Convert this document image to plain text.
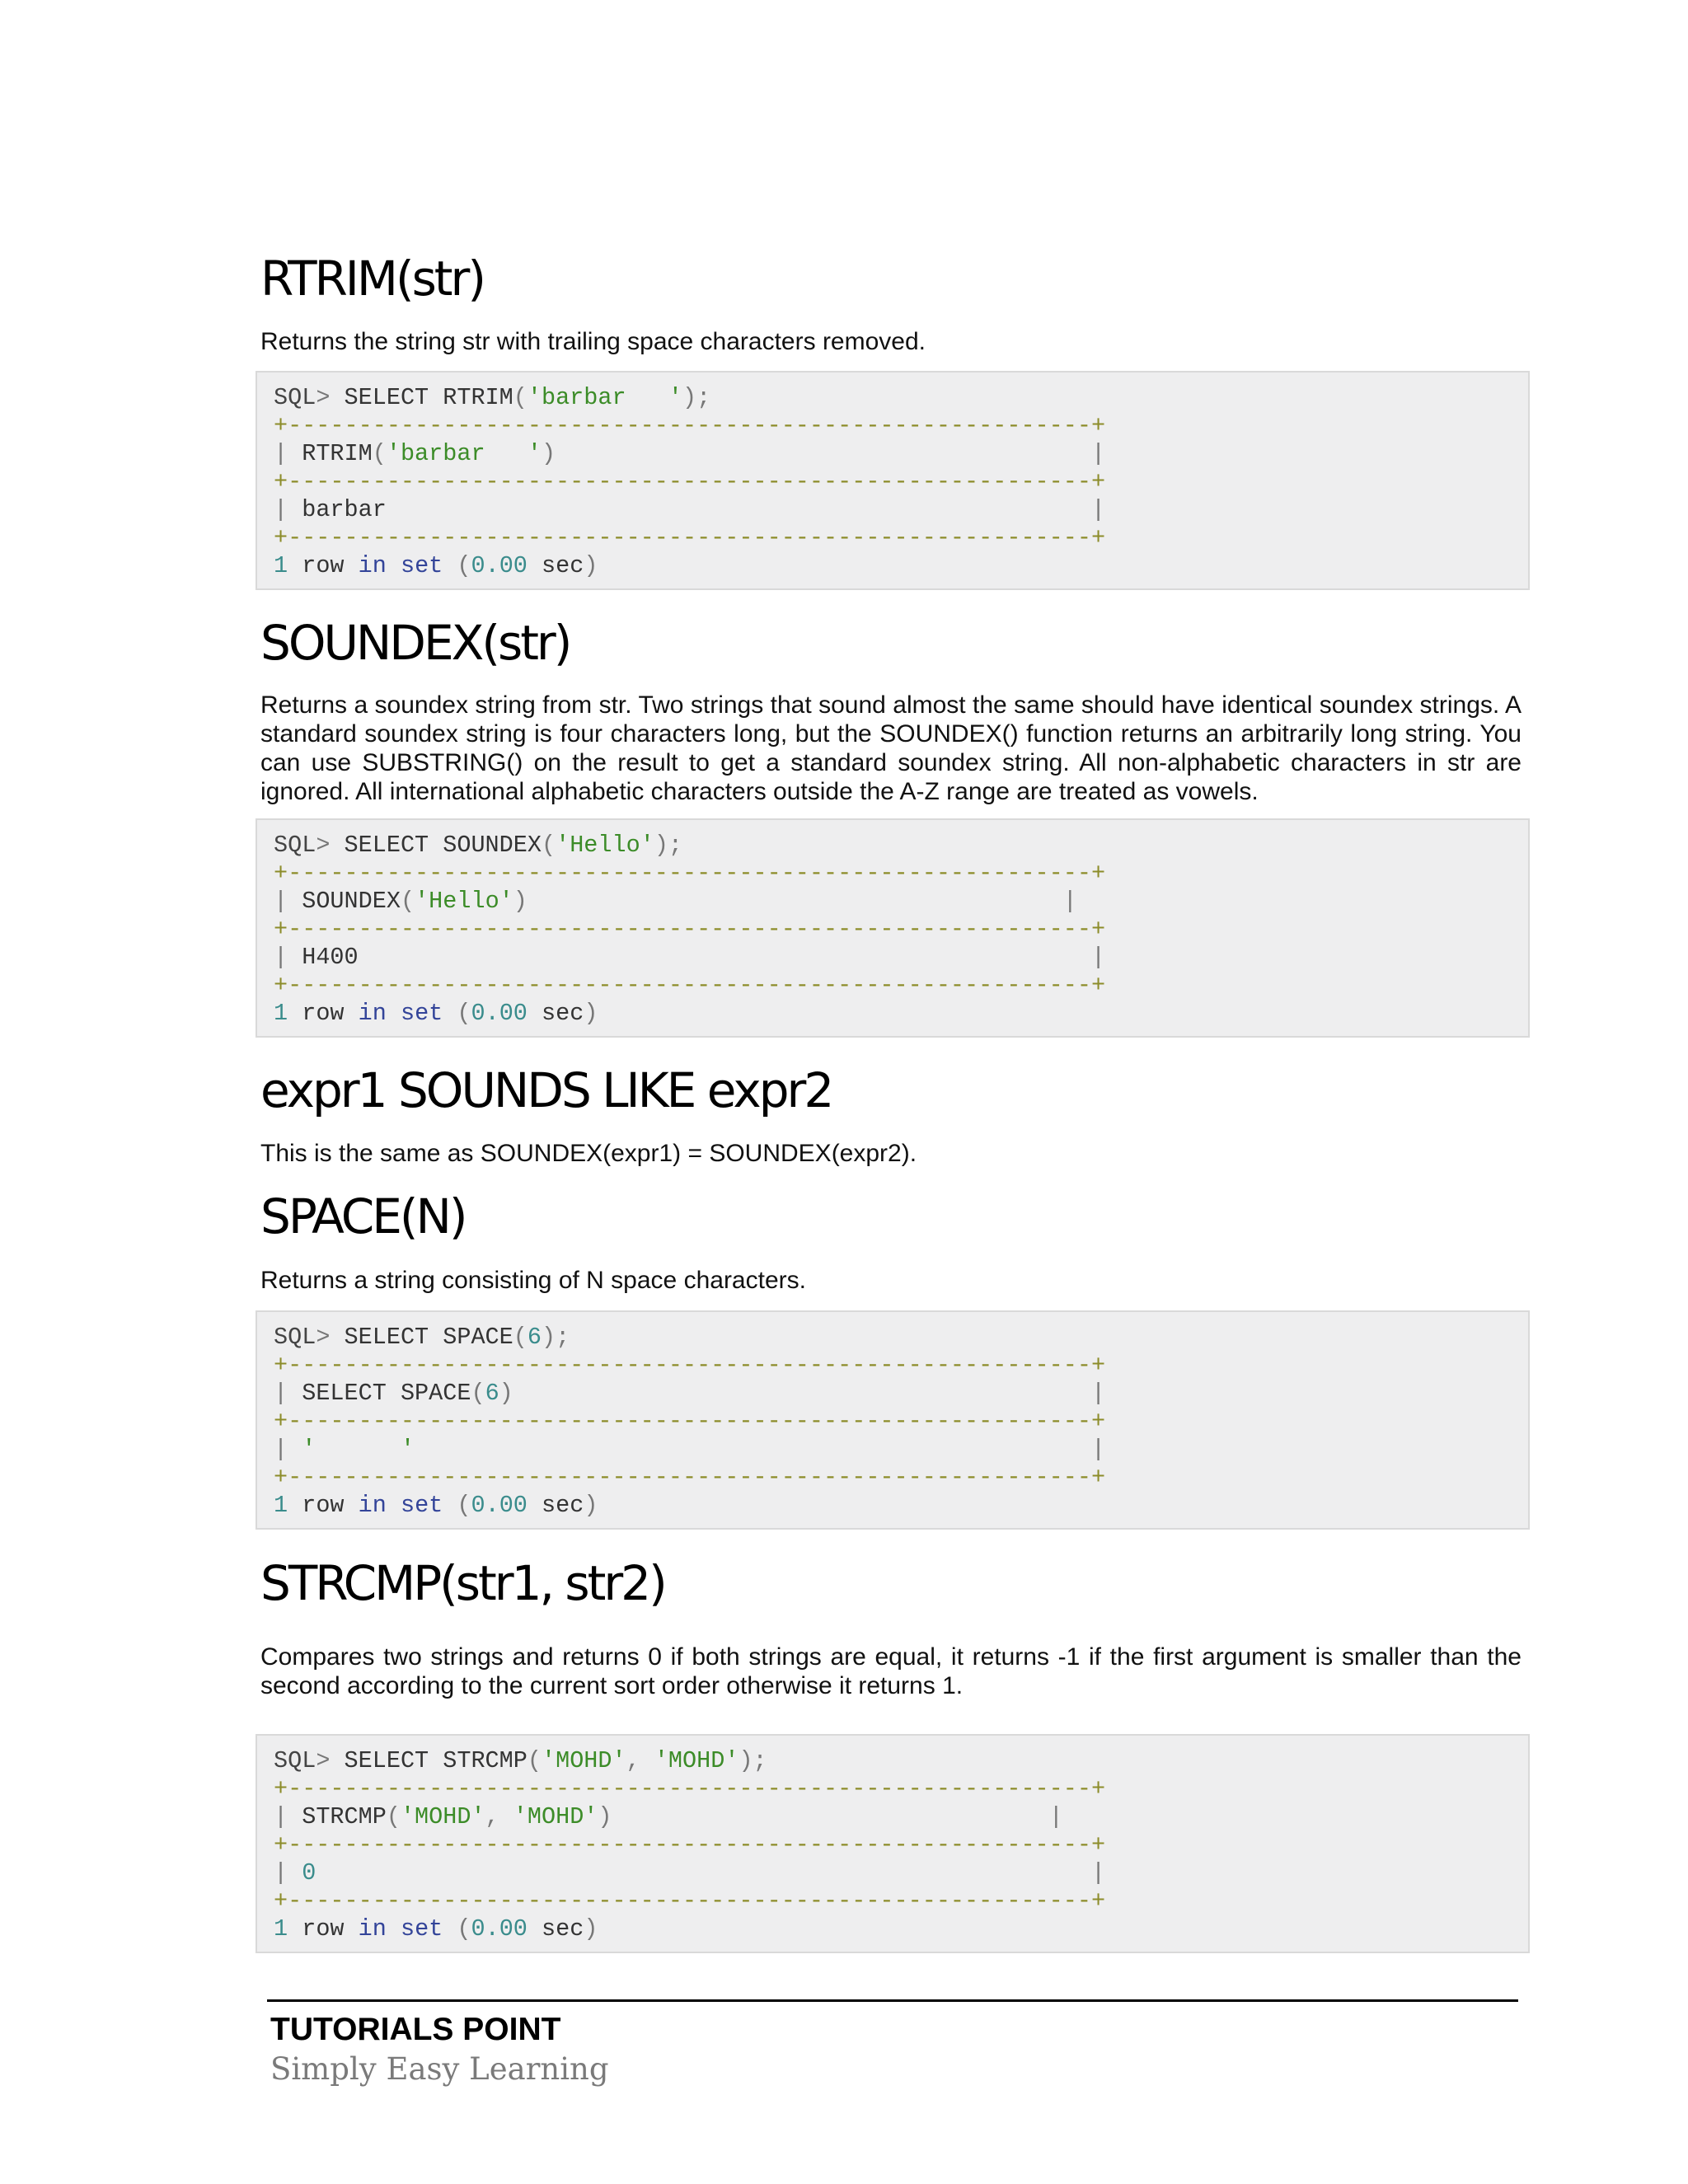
RTRIM(str)

Returns the string str with trailing space characters removed.

SQL> SELECT RTRIM('barbar   ');
+---------------------------------------------------------+
| RTRIM('barbar   ')                                      |
+---------------------------------------------------------+
| barbar                                                  |
+---------------------------------------------------------+
1 row in set (0.00 sec)
SOUNDEX(str)

Returns a soundex string from str. Two strings that sound almost the same should have identical soundex strings. A standard soundex string is four characters long, but the SOUNDEX() function returns an arbitrarily long string. You can use SUBSTRING() on the result to get a standard soundex string. All non-alphabetic characters in str are ignored. All international alphabetic characters outside the A-Z range are treated as vowels.

SQL> SELECT SOUNDEX('Hello');
+---------------------------------------------------------+
| SOUNDEX('Hello')                                      |
+---------------------------------------------------------+
| H400                                                    |
+---------------------------------------------------------+
1 row in set (0.00 sec)
expr1 SOUNDS LIKE expr2

This is the same as SOUNDEX(expr1) = SOUNDEX(expr2).

SPACE(N)

Returns a string consisting of N space characters.

SQL> SELECT SPACE(6);
+---------------------------------------------------------+
| SELECT SPACE(6)                                         |
+---------------------------------------------------------+
| '      '                                                |
+---------------------------------------------------------+
1 row in set (0.00 sec)
STRCMP(str1, str2)

Compares two strings and returns 0 if both strings are equal, it returns -1 if the first argument is smaller than the second according to the current sort order otherwise it returns 1.

SQL> SELECT STRCMP('MOHD', 'MOHD');
+---------------------------------------------------------+
| STRCMP('MOHD', 'MOHD')                               |
+---------------------------------------------------------+
| 0                                                       |
+---------------------------------------------------------+
1 row in set (0.00 sec)
TUTORIALS POINT
Simply Easy Learning
